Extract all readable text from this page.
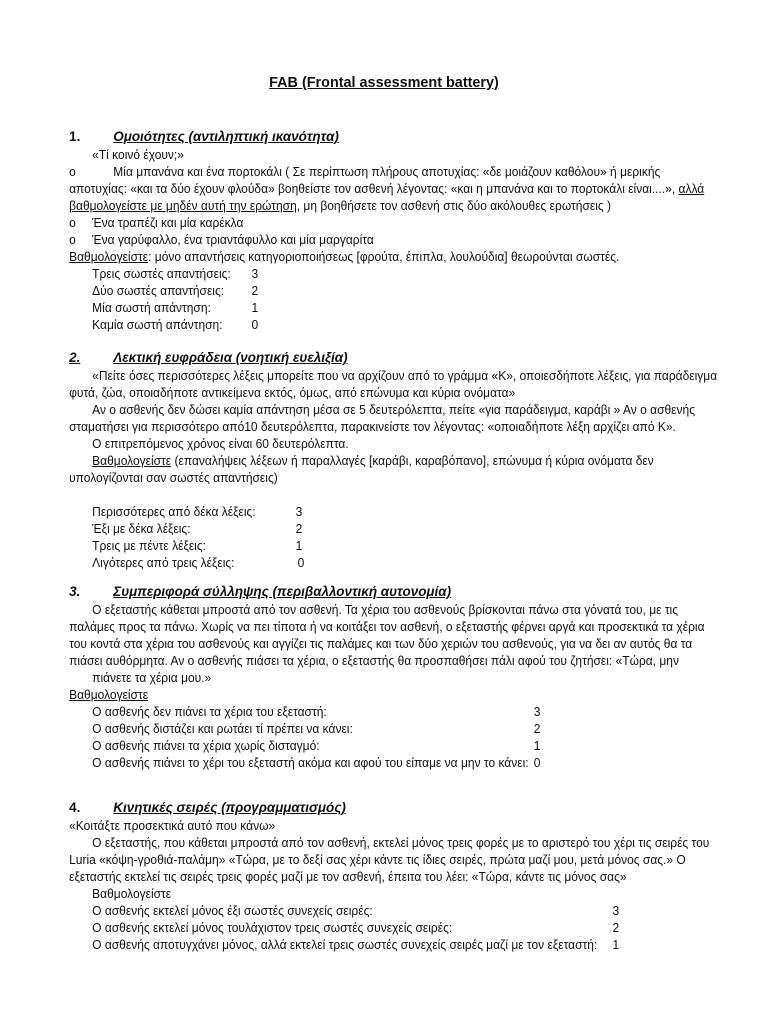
FAB (Frontal assessment battery)
1. Ομοιότητες (αντιληπτική ικανότητα)
«Τί κοινό έχουν;»
o	Μία μπανάνα και ένα πορτοκάλι ( Σε περίπτωση πλήρους αποτυχίας: «δε μοιάζουν καθόλου» ή μερικής
αποτυχίας: «και τα δύο έχουν φλούδα» βοηθείστε τον ασθενή λέγοντας: «και η μπανάνα και το πορτοκάλι είναι....», αλλά
βαθμολογείστε με μηδέν αυτή την ερώτηση, μη βοηθήσετε τον ασθενή στις δύο ακόλουθες ερωτήσεις )
o Ένα τραπέζι και μία καρέκλα
o Ένα γαρύφαλλο, ένα τριαντάφυλλο και μία μαργαρίτα
Βαθμολογείστε: μόνο απαντήσεις κατηγοριοποιήσεως [φρούτα, έπιπλα, λουλούδια] θεωρούνται σωστές.
Τρεις σωστές απαντήσεις: 3
Δύο σωστές απαντήσεις: 2
Μία σωστή απάντηση:	1
Καμία σωστή απάντηση: 0
2. Λεκτική ευφράδεια (νοητική ευελιξία)
«Πείτε όσες περισσότερες λέξεις μπορείτε που να αρχίζουν από το γράμμα «Κ», οποιεσδήποτε λέξεις, για παράδειγμα
φυτά, ζώα, οποιαδήποτε αντικείμενα εκτός, όμως, από επώνυμα και κύρια ονόματα»
Αν ο ασθενής δεν δώσει καμία απάντηση μέσα σε 5 δευτερόλεπτα, πείτε «για παράδειγμα, καράβι » Αν ο ασθενής
σταματήσει για περισσότερο από10 δευτερόλεπτα, παρακινείστε τον λέγοντας: «οποιαδήποτε λέξη αρχίζει από Κ».
Ο επιτρεπόμενος χρόνος είναι 60 δευτερόλεπτα.
Βαθμολογείστε (επαναλήψεις λέξεων ή παραλλαγές [καράβι, καραβόπανο], επώνυμα ή κύρια ονόματα δεν
υπολογίζονται σαν σωστές απαντήσεις)
Περισσότερες από δέκα λέξεις:	3
Έξι με δέκα λέξεις:	2
Τρεις με πέντε λέξεις:	1
Λιγότερες από τρεις λέξεις:	0
3. Συμπεριφορά σύλληψης (περιβαλλοντική αυτονομία)
Ο εξεταστής κάθεται μπροστά από τον ασθενή. Τα χέρια του ασθενούς βρίσκονται πάνω στα γόνατά του, με τις
παλάμες προς τα πάνω. Χωρίς να πει τίποτα ή να κοιτάξει τον ασθενή, ο εξεταστής φέρνει αργά και προσεκτικά τα χέρια
του κοντά στα χέρια του ασθενούς και αγγίζει τις παλάμες και των δύο χεριών του ασθενούς, για να δει αν αυτός θα τα
πιάσει αυθόρμητα. Αν ο ασθενής πιάσει τα χέρια, ο εξεταστής θα προσπαθήσει πάλι αφού του ζητήσει: «Τώρα, μην
πιάνετε τα χέρια μου.»
Βαθμολογείστε
Ο ασθενής δεν πιάνει τα χέρια του εξεταστή:	3
Ο ασθενής διστάζει και ρωτάει τί πρέπει να κάνει:	2
Ο ασθενής πιάνει τα χέρια χωρίς δισταγμό:	1
Ο ασθενής πιάνει το χέρι του εξεταστή ακόμα και αφού του είπαμε να μην το κάνει: 0
4. Κινητικές σειρές (προγραμματισμός)
«Κοιτάξτε προσεκτικά αυτό που κάνω»
Ο εξεταστής, που κάθεται μπροστά από τον ασθενή, εκτελεί μόνος τρεις φορές με το αριστερό του χέρι τις σειρές του
Luria «κόψη-γροθιά-παλάμη» «Τώρα, με το δεξί σας χέρι κάντε τις ίδιες σειρές, πρώτα μαζί μου, μετά μόνος σας.» Ο
εξεταστής εκτελεί τις σειρές τρεις φορές μαζί με τον ασθενή, έπειτα του λέει: «Τώρα, κάντε τις μόνος σας»
Βαθμολογείστε
Ο ασθενής εκτελεί μόνος έξι σωστές συνεχείς σειρές:	3
Ο ασθενής εκτελεί μόνος τουλάχιστον τρεις σωστές συνεχείς σειρές:	2
Ο ασθενής αποτυγχάνει μόνος, αλλά εκτελεί τρεις σωστές συνεχείς σειρές μαζί με τον εξεταστή: 1
